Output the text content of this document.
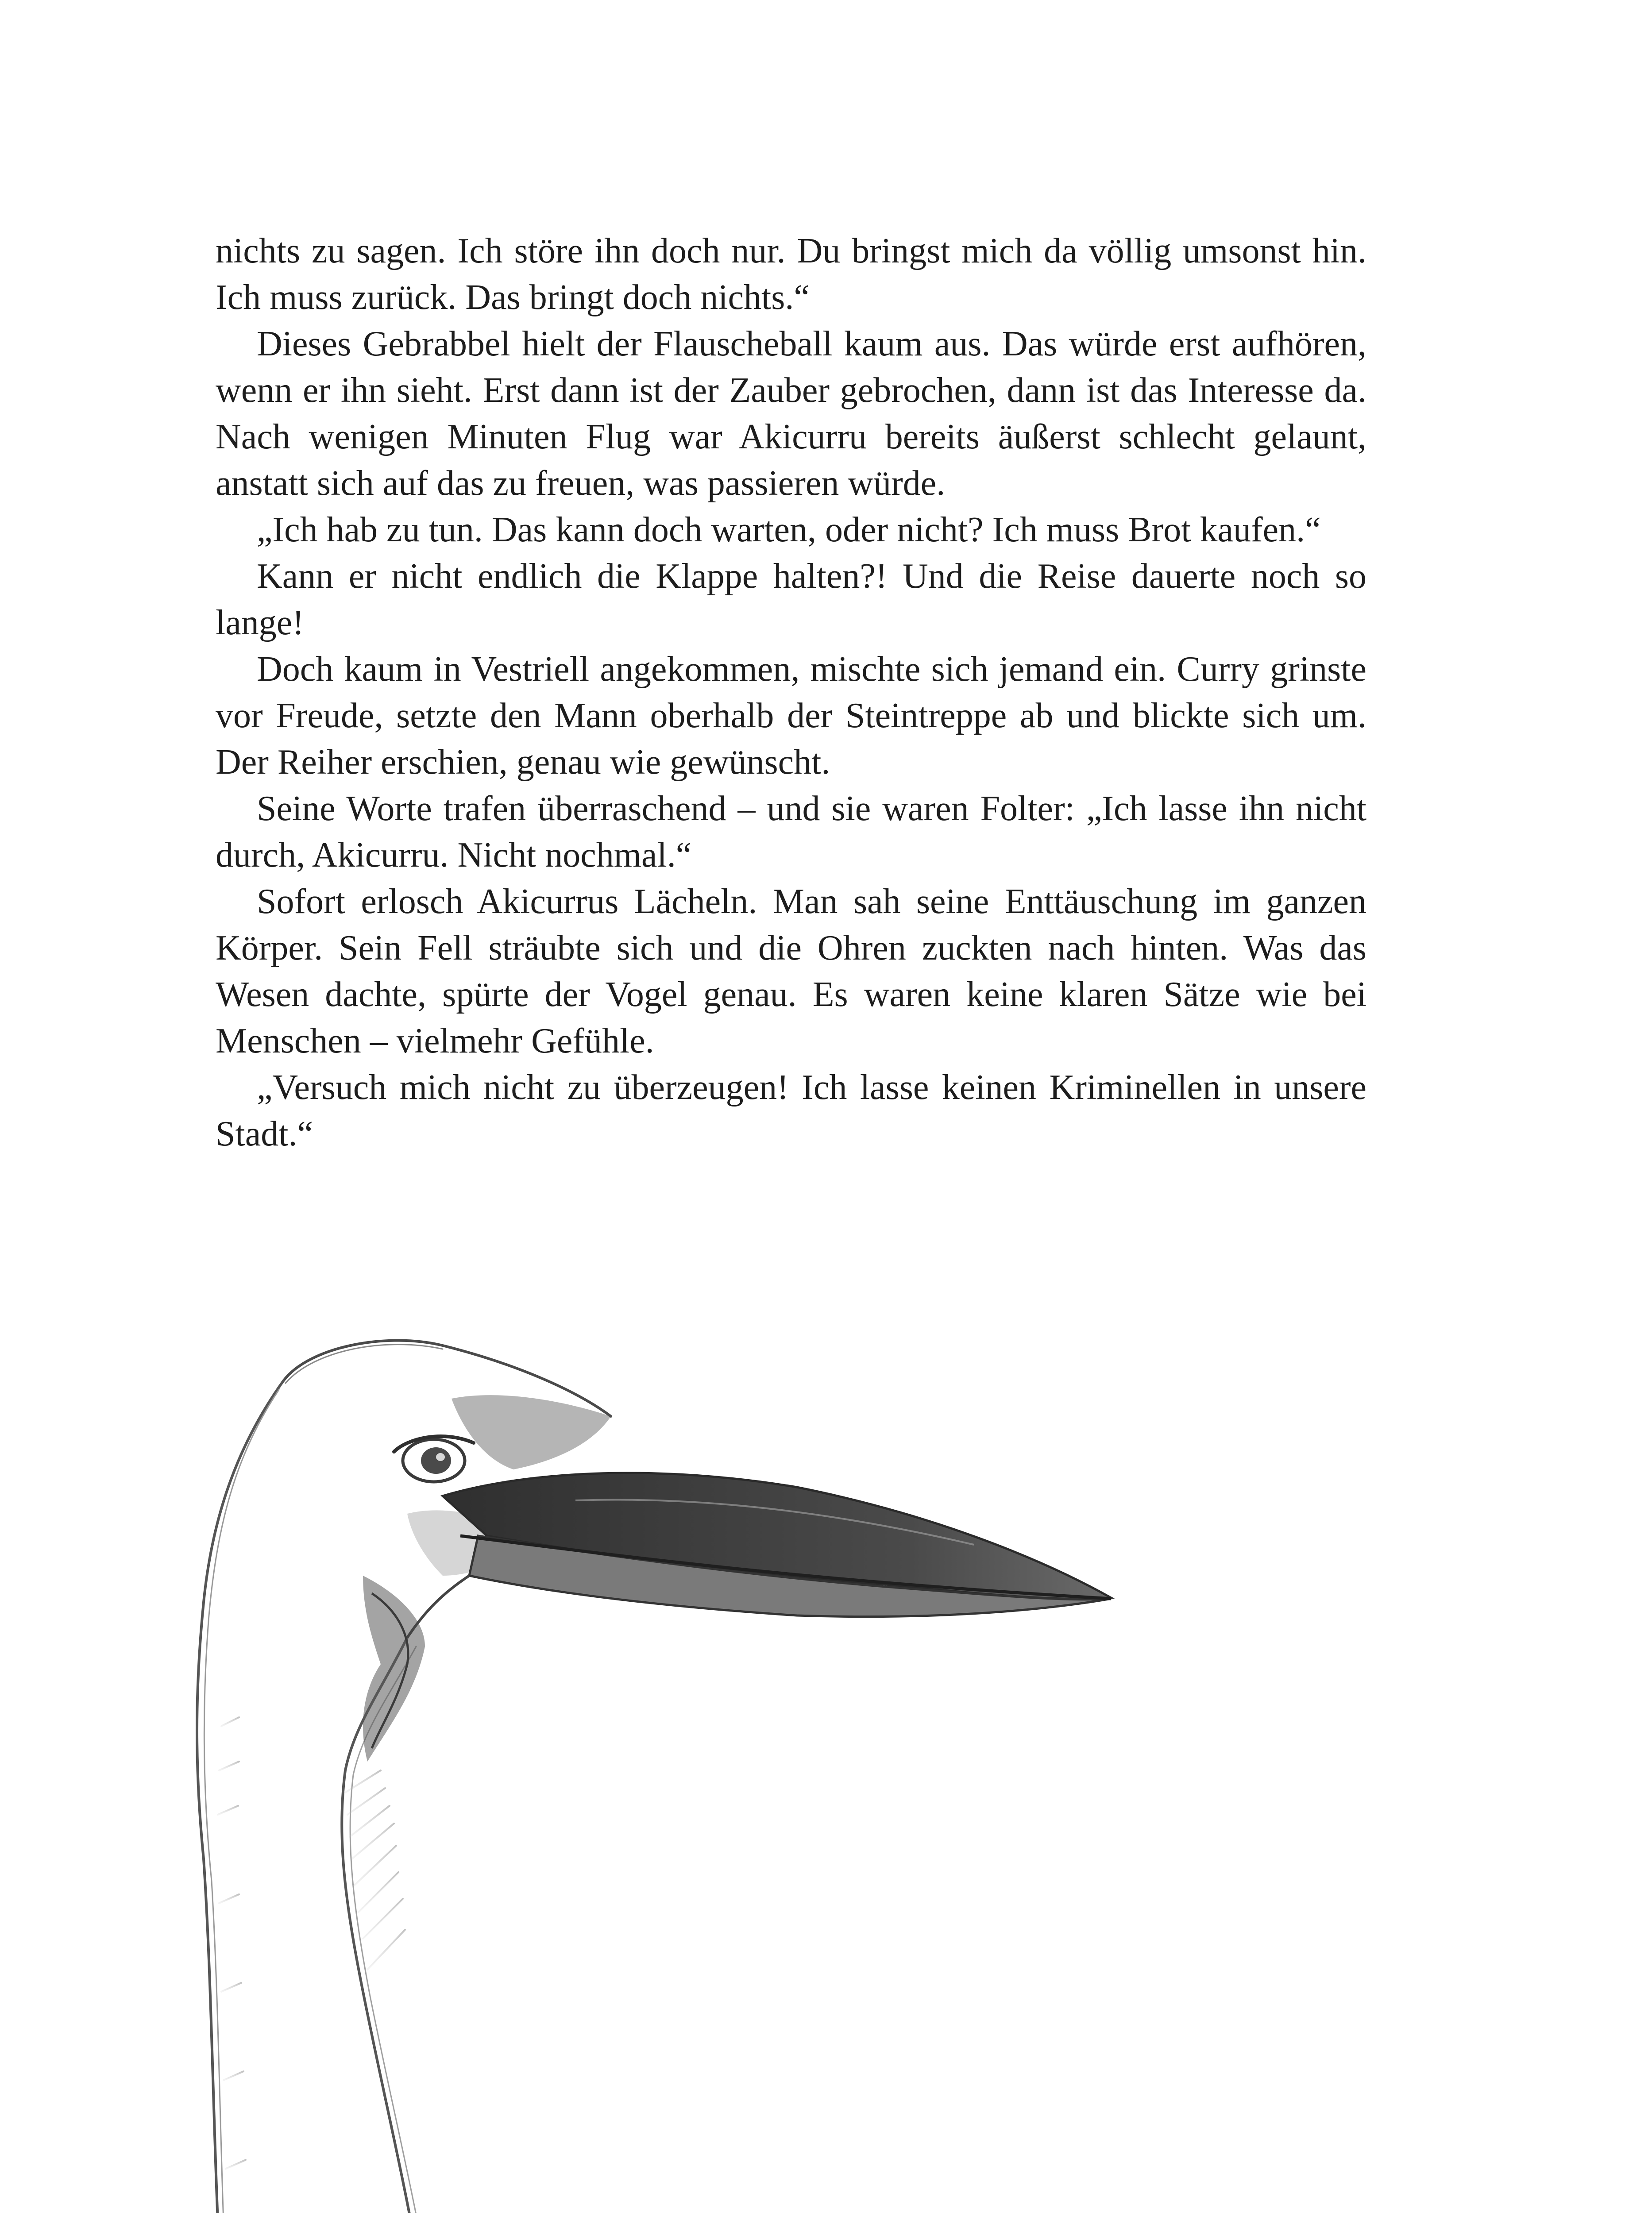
nichts zu sagen. Ich störe ihn doch nur. Du bringst mich da völlig umsonst hin. Ich muss zurück. Das bringt doch nichts.“

Dieses Gebrabbel hielt der Flauscheball kaum aus. Das würde erst aufhören, wenn er ihn sieht. Erst dann ist der Zauber gebrochen, dann ist das Interesse da. Nach wenigen Minuten Flug war Akicurru bereits äußerst schlecht gelaunt, anstatt sich auf das zu freuen, was passieren würde.

„Ich hab zu tun. Das kann doch warten, oder nicht? Ich muss Brot kaufen.“

Kann er nicht endlich die Klappe halten?! Und die Reise dauerte noch so lange!

Doch kaum in Vestriell angekommen, mischte sich jemand ein. Curry grinste vor Freude, setzte den Mann oberhalb der Steintreppe ab und blickte sich um. Der Reiher erschien, genau wie gewünscht.

Seine Worte trafen überraschend – und sie waren Folter: „Ich lasse ihn nicht durch, Akicurru. Nicht nochmal.“

Sofort erlosch Akicurrus Lächeln. Man sah seine Enttäuschung im ganzen Körper. Sein Fell sträubte sich und die Ohren zuckten nach hinten. Was das Wesen dachte, spürte der Vogel genau. Es waren keine klaren Sätze wie bei Menschen – vielmehr Gefühle.

„Versuch mich nicht zu überzeugen! Ich lasse keinen Kriminellen in unsere Stadt.“
